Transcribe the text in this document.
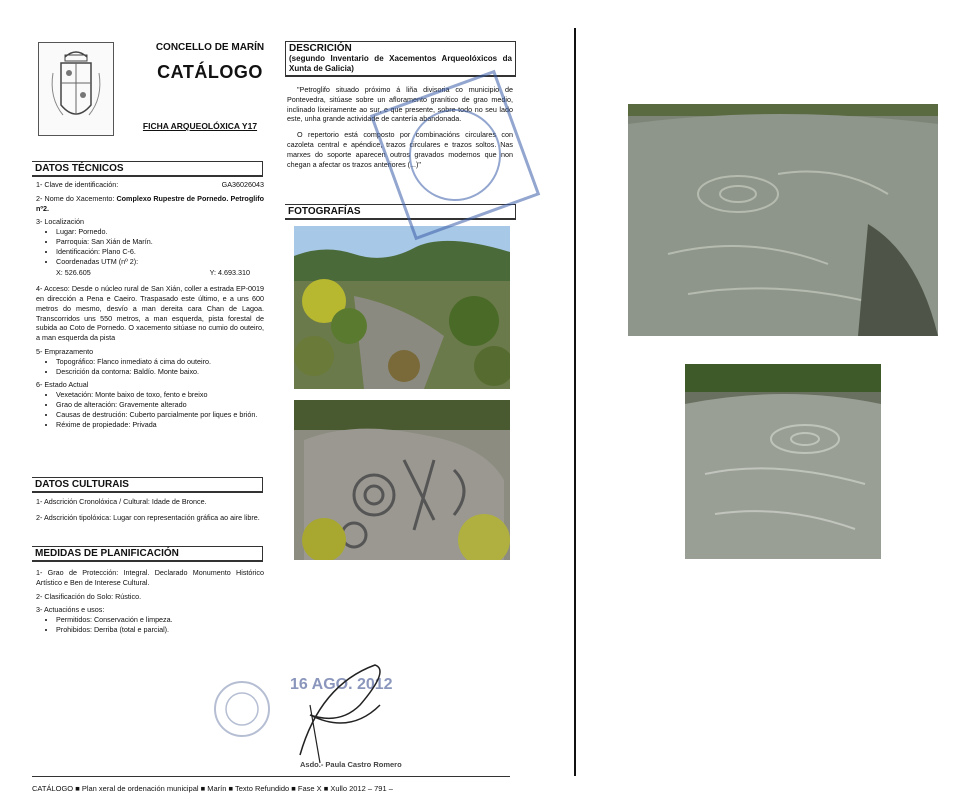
CONCELLO DE MARÍN
CATÁLOGO
FICHA ARQUEOLÓXICA Y17
DATOS TÉCNICOS

1- Clave de identificación:	GA36026043

2- Nome do Xacemento: Complexo Rupestre de Pornedo. Petroglifo nº2.

3- Localización
• Lugar: Pornedo.
• Parroquia: San Xián de Marín.
• Identificación: Plano C-6.
• Coordenadas UTM (nº 2):

X: 526.605	Y: 4.693.310

4- Acceso: Desde o núcleo rural de San Xián, coller a estrada EP-0019 en dirección a Pena e Caeiro. Traspasado este último, e a uns 600 metros do mesmo, desvío a man dereita cara Chan de Lagoa. Transcorridos uns 550 metros, a man esquerda, pista forestal de subida ao Coto de Pornedo. O xacemento sitúase no cumio do outeiro, a man esquerda da pista

5- Emprazamento
• Topográfico: Flanco inmediato á cima do outeiro.
• Descrición da contorna: Baldío. Monte baixo.
6- Estado Actual
• Vexetación: Monte baixo de toxo, fento e breixo
• Grao de alteración: Gravemente alterado
• Causas de destrución: Cuberto parcialmente por liques e brión.
• Réxime de propiedade: Privada
DATOS CULTURAIS

1- Adscrición Cronolóxica / Cultural: Idade de Bronce.

2- Adscrición tipolóxica: Lugar con representación gráfica ao aire libre.

MEDIDAS DE PLANIFICACIÓN

1- Grao de Protección: Integral. Declarado Monumento Histórico Artístico e Ben de Interese Cultural.

2- Clasificación do Solo: Rústico.

3- Actuacións e usos:
• Permitidos: Conservación e limpeza.
• Prohibidos: Derriba (total e parcial).
DESCRICIÓN
(segundo Inventario de Xacementos Arqueolóxicos da Xunta de Galicia)

"Petroglifo situado próximo á liña divisoria co municipio de Pontevedra, sitúase sobre un afloramento granítico de grao medio, inclinado lixeiramente ao sur, e que presente, sobre todo no seu lado este, unha grande actividade de cantería abandonada.

O repertorio está composto por combinacións circulares con cazoleta central e apéndice, trazos circulares e trazos soltos. Nas marxes do soporte aparecen outros gravados modernos que non chegan a afectar os trazos anteriores (...)"

FOTOGRAFÍAS
16 AGO. 2012
Asdo.- Paula Castro Romero
CATÁLOGO ■ Plan xeral de ordenación municipal ■ Marín ■ Texto Refundido ■ Fase X ■ Xullo 2012 – 791 –
